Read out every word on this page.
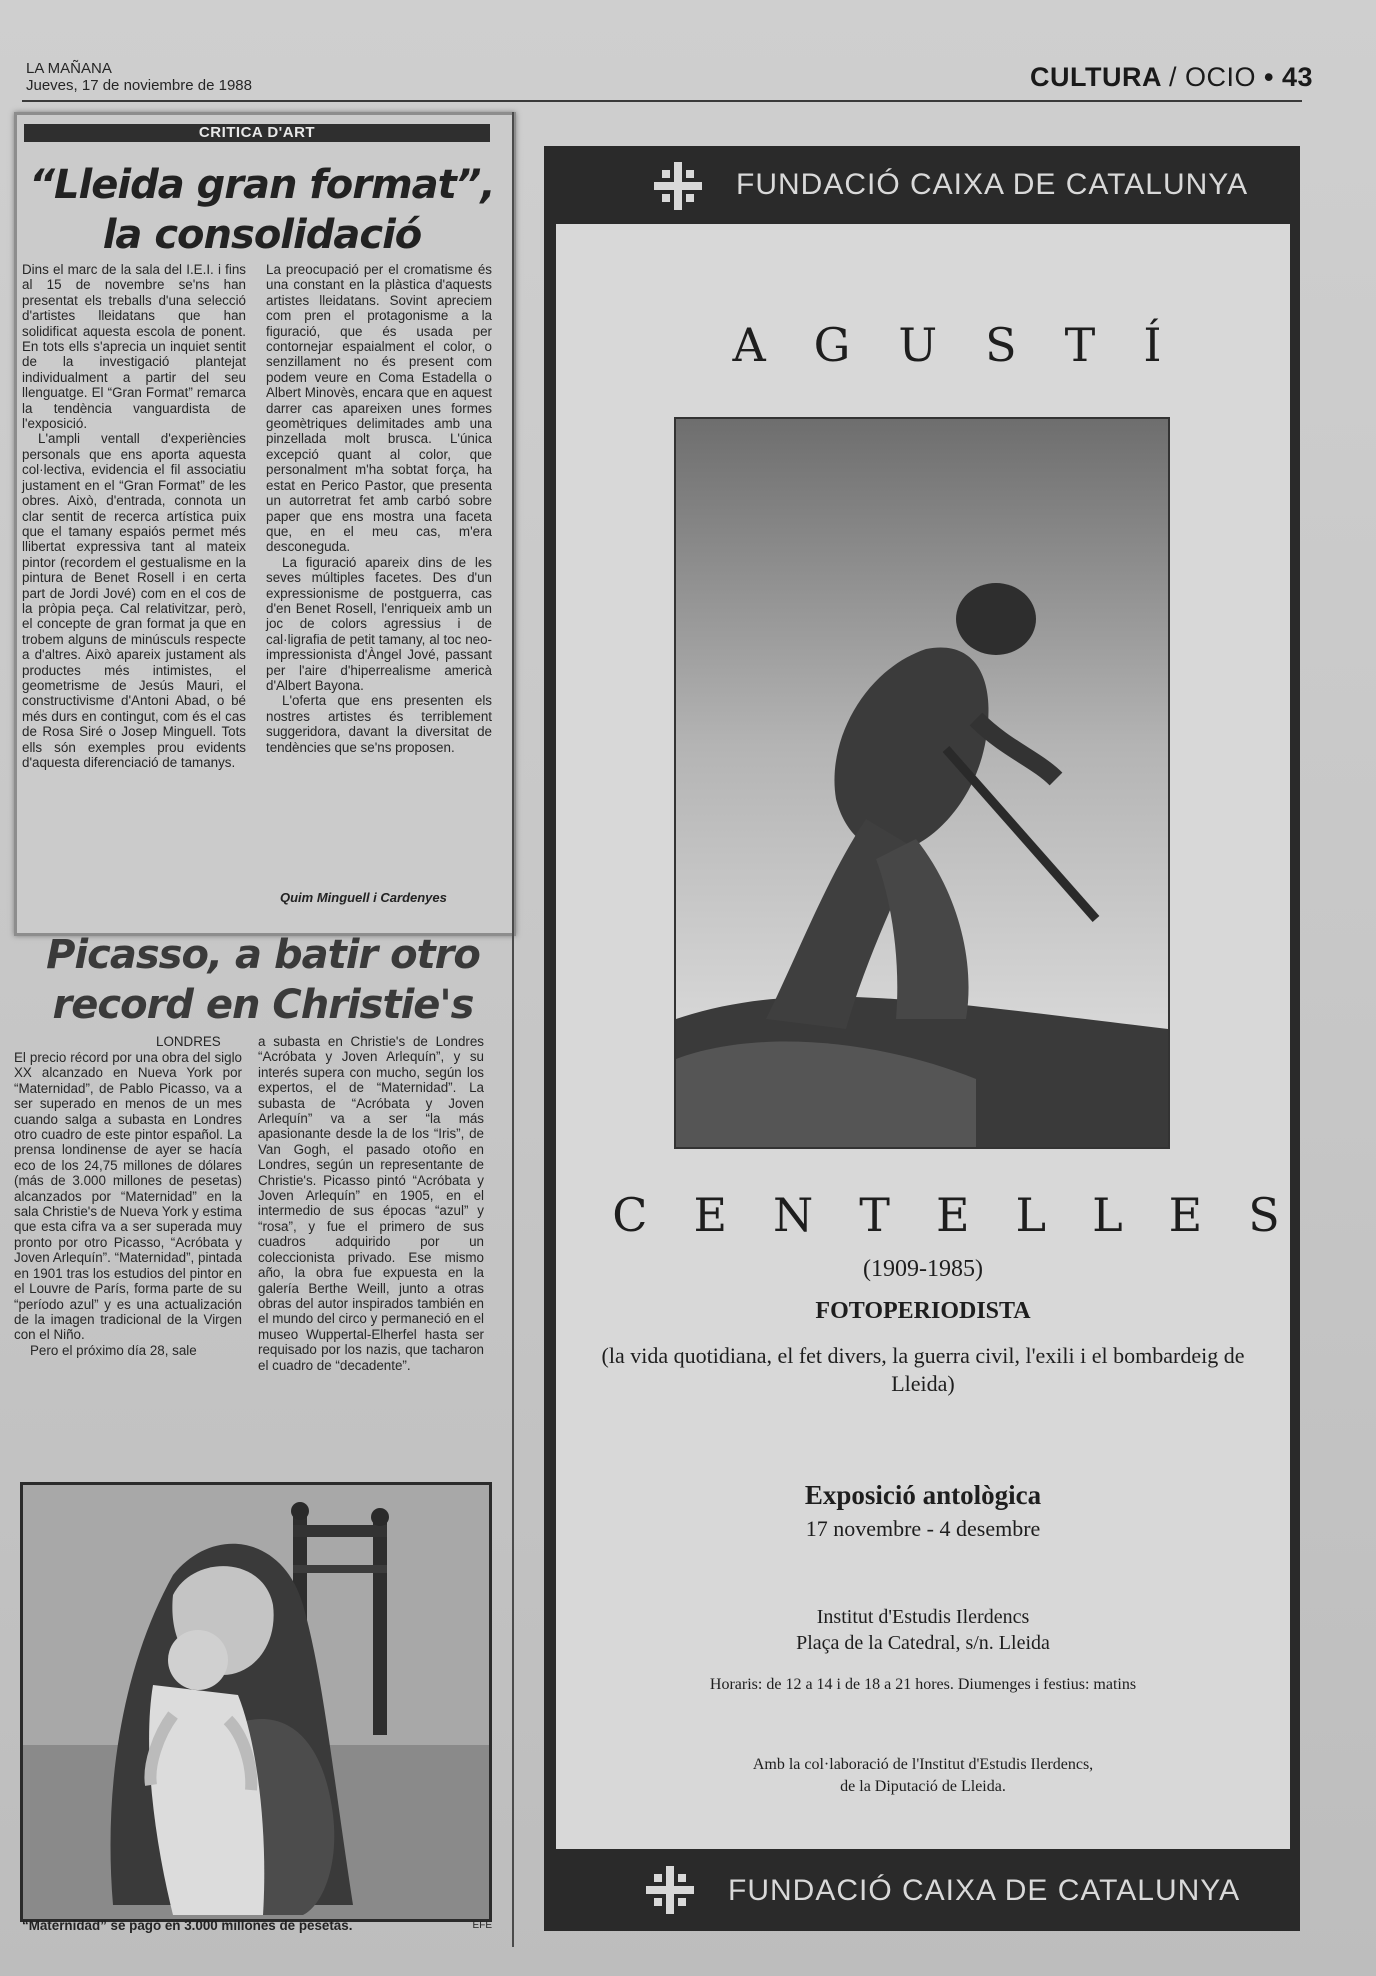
LA MAÑANA
Jueves, 17 de noviembre de 1988	CULTURA / OCIO • 43
CRITICA D'ART
“Lleida gran format”,
la consolidació

Dins el marc de la sala del I.E.I. i fins al 15 de novembre se'ns han presentat els treballs d'una selecció d'artistes lleidatans que han solidificat aquesta escola de ponent. En tots ells s'aprecia un inquiet sentit de la investigació plantejat individualment a partir del seu llenguatge. El “Gran Format” remarca la tendència vanguardista de l'exposició.

L'ampli ventall d'experiències personals que ens aporta aquesta col·lectiva, evidencia el fil associatiu justament en el “Gran Format” de les obres. Això, d'entrada, connota un clar sentit de recerca artística puix que el tamany espaiós permet més llibertat expressiva tant al mateix pintor (recordem el gestualisme en la pintura de Benet Rosell i en certa part de Jordi Jové) com en el cos de la pròpia peça. Cal relativitzar, però, el concepte de gran format ja que en trobem alguns de minúsculs respecte a d'altres. Això apareix justament als productes més intimistes, el geometrisme de Jesús Mauri, el constructivisme d'Antoni Abad, o bé més durs en contingut, com és el cas de Rosa Siré o Josep Minguell. Tots ells són exemples prou evidents d'aquesta diferenciació de tamanys.

La preocupació per el cromatisme és una constant en la plàstica d'aquests artistes lleidatans. Sovint apreciem com pren el protagonisme a la figuració, que és usada per contornejar espaialment el color, o senzillament no és present com podem veure en Coma Estadella o Albert Minovès, encara que en aquest darrer cas apareixen unes formes geomètriques delimitades amb una pinzellada molt brusca. L'única excepció quant al color, que personalment m'ha sobtat força, ha estat en Perico Pastor, que presenta un autorretrat fet amb carbó sobre paper que ens mostra una faceta que, en el meu cas, m'era desconeguda.

La figuració apareix dins de les seves múltiples facetes. Des d'un expressionisme de postguerra, cas d'en Benet Rosell, l'enriqueix amb un joc de colors agressius i de cal·ligrafia de petit tamany, al toc neo-impressionista d'Àngel Jové, passant per l'aire d'hiperrealisme americà d'Albert Bayona.

L'oferta que ens presenten els nostres artistes és terriblement suggeridora, davant la diversitat de tendències que se'ns proposen.

Quim Minguell i Cardenyes
Picasso, a batir otro
record en Christie's
LONDRES

El precio récord por una obra del siglo XX alcanzado en Nueva York por “Maternidad”, de Pablo Picasso, va a ser superado en menos de un mes cuando salga a subasta en Londres otro cuadro de este pintor español. La prensa londinense de ayer se hacía eco de los 24,75 millones de dólares (más de 3.000 millones de pesetas) alcanzados por “Maternidad” en la sala Christie's de Nueva York y estima que esta cifra va a ser superada muy pronto por otro Picasso, “Acróbata y Joven Arlequín”. “Maternidad”, pintada en 1901 tras los estudios del pintor en el Louvre de París, forma parte de su “período azul” y es una actualización de la imagen tradicional de la Virgen con el Niño.

Pero el próximo día 28, sale

a subasta en Christie's de Londres “Acróbata y Joven Arlequín”, y su interés supera con mucho, según los expertos, el de “Maternidad”. La subasta de “Acróbata y Joven Arlequín” va a ser “la más apasionante desde la de los “Iris”, de Van Gogh, el pasado otoño en Londres, según un representante de Christie's. Picasso pintó “Acróbata y Joven Arlequín” en 1905, en el intermedio de sus épocas “azul” y “rosa”, y fue el primero de sus cuadros adquirido por un coleccionista privado. Ese mismo año, la obra fue expuesta en la galería Berthe Weill, junto a otras obras del autor inspirados también en el mundo del circo y permaneció en el museo Wuppertal-Elherfel hasta ser requisado por los nazis, que tacharon el cuadro de “decadente”.

“Maternidad” se pagó en 3.000 millones de pesetas.	EFE
FUNDACIÓ CAIXA DE CATALUNYA
AGUSTÍ
CENTELLES
(1909-1985)
FOTOPERIODISTA
(la vida quotidiana, el fet divers, la guerra civil, l'exili i el bombardeig de Lleida)
Exposició antològica
17 novembre - 4 desembre
Institut d'Estudis Ilerdencs
Plaça de la Catedral, s/n. Lleida
Horaris: de 12 a 14 i de 18 a 21 hores. Diumenges i festius: matins
Amb la col·laboració de l'Institut d'Estudis Ilerdencs,
de la Diputació de Lleida.
FUNDACIÓ CAIXA DE CATALUNYA
